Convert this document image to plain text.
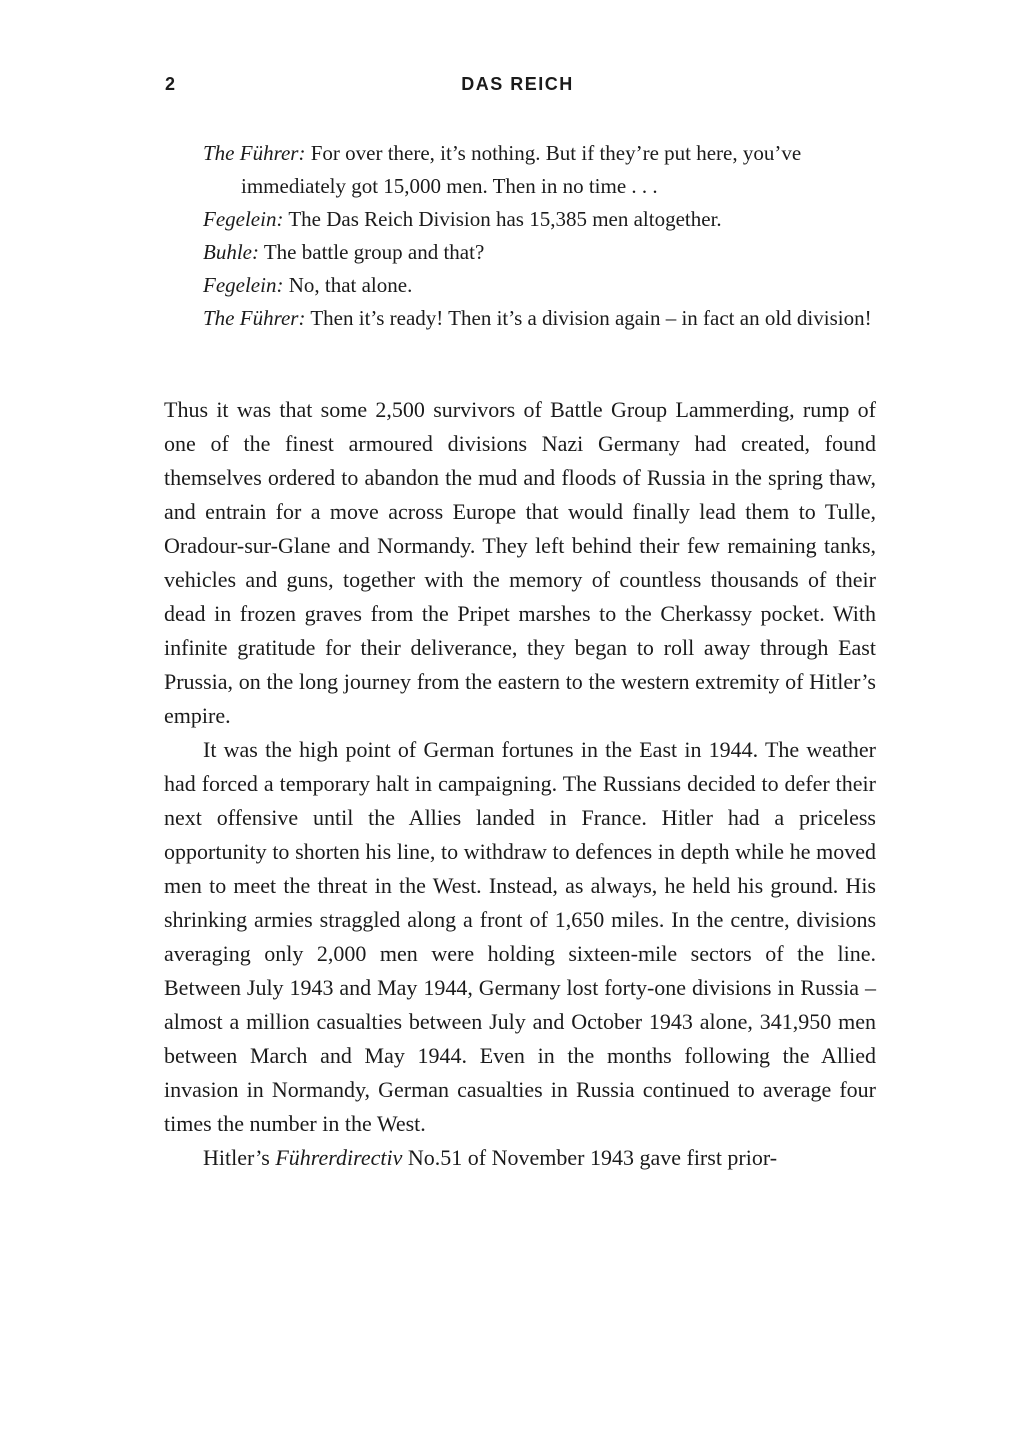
2	DAS REICH
The Führer: For over there, it’s nothing. But if they’re put here, you’ve immediately got 15,000 men. Then in no time . . .
Fegelein: The Das Reich Division has 15,385 men altogether.
Buhle: The battle group and that?
Fegelein: No, that alone.
The Führer: Then it’s ready! Then it’s a division again – in fact an old division!

Thus it was that some 2,500 survivors of Battle Group Lammerding, rump of one of the finest armoured divisions Nazi Germany had created, found themselves ordered to abandon the mud and floods of Russia in the spring thaw, and entrain for a move across Europe that would finally lead them to Tulle, Oradour-sur-Glane and Normandy. They left behind their few remaining tanks, vehicles and guns, together with the memory of countless thousands of their dead in frozen graves from the Pripet marshes to the Cherkassy pocket. With infinite gratitude for their deliverance, they began to roll away through East Prussia, on the long journey from the eastern to the western extremity of Hitler’s empire.

It was the high point of German fortunes in the East in 1944. The weather had forced a temporary halt in campaigning. The Russians decided to defer their next offensive until the Allies landed in France. Hitler had a priceless opportunity to shorten his line, to withdraw to defences in depth while he moved men to meet the threat in the West. Instead, as always, he held his ground. His shrinking armies straggled along a front of 1,650 miles. In the centre, divisions averaging only 2,000 men were holding sixteen-mile sectors of the line. Between July 1943 and May 1944, Germany lost forty-one divisions in Russia – almost a million casualties between July and October 1943 alone, 341,950 men between March and May 1944. Even in the months following the Allied invasion in Normandy, German casualties in Russia continued to average four times the number in the West.

Hitler’s Führerdirectiv No.51 of November 1943 gave first prior-
